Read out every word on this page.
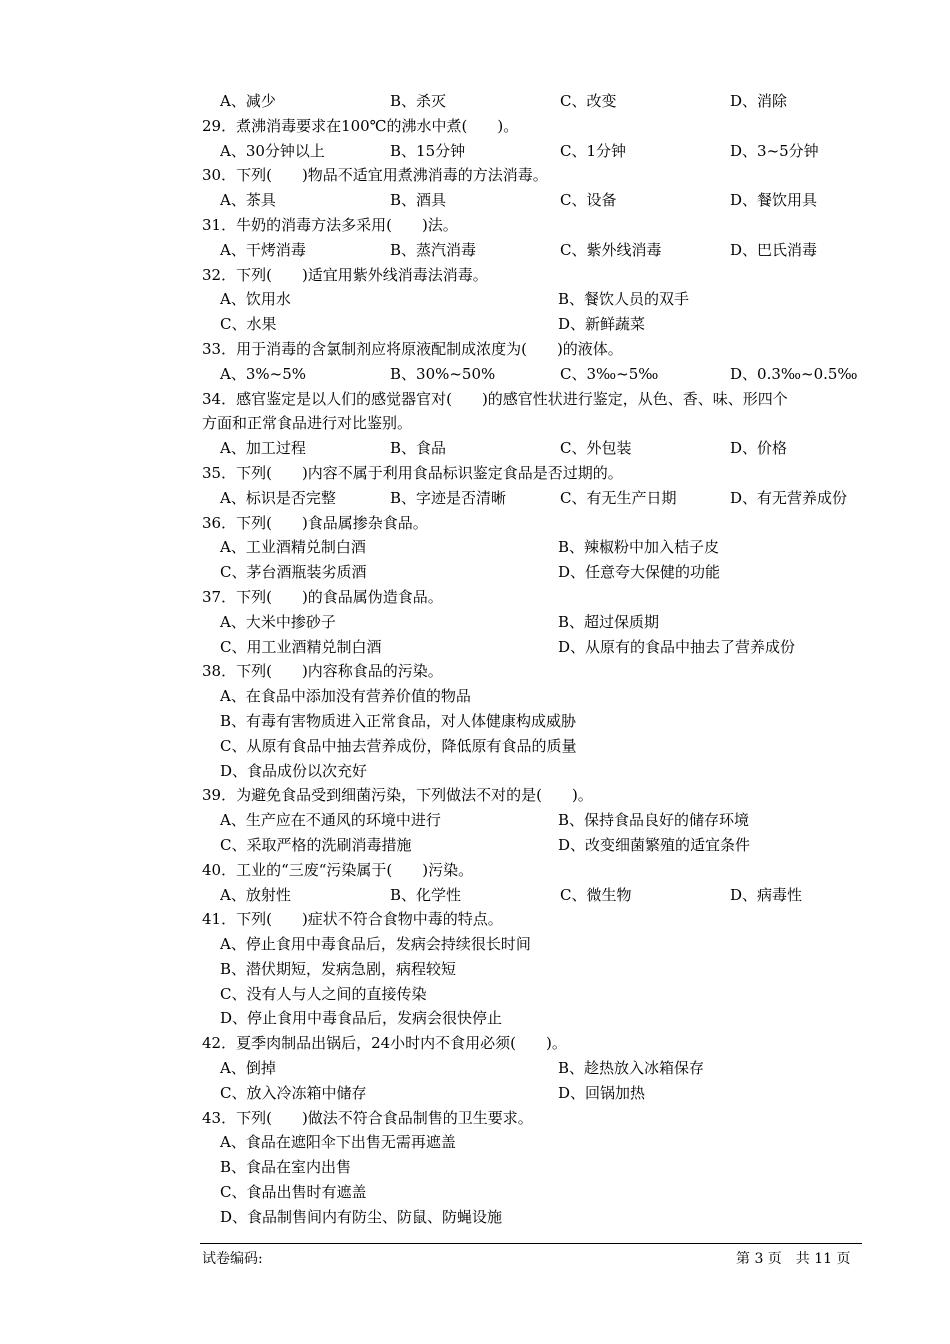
A、减少	B、杀灭	C、改变	D、消除
29．煮沸消毒要求在100℃的沸水中煮(　　)。
A、30分钟以上	B、15分钟	C、1分钟	D、3~5分钟
30．下列(　　)物品不适宜用煮沸消毒的方法消毒。
A、茶具	B、酒具	C、设备	D、餐饮用具
31．牛奶的消毒方法多采用(　　)法。
A、干烤消毒	B、蒸汽消毒	C、紫外线消毒	D、巴氏消毒
32．下列(　　)适宜用紫外线消毒法消毒。
A、饮用水	B、餐饮人员的双手
C、水果	D、新鲜蔬菜
33．用于消毒的含氯制剂应将原液配制成浓度为(　　)的液体。
A、3%~5%	B、30%~50%	C、3‰~5‰	D、0.3‰~0.5‰
34．感官鉴定是以人们的感觉器官对(　　)的感官性状进行鉴定，从色、香、味、形四个
方面和正常食品进行对比鉴别。
A、加工过程	B、食品	C、外包装	D、价格
35．下列(　　)内容不属于利用食品标识鉴定食品是否过期的。
A、标识是否完整	B、字迹是否清晰	C、有无生产日期	D、有无营养成份
36．下列(　　)食品属掺杂食品。
A、工业酒精兑制白酒	B、辣椒粉中加入桔子皮
C、茅台酒瓶装劣质酒	D、任意夸大保健的功能
37．下列(　　)的食品属伪造食品。
A、大米中掺砂子	B、超过保质期
C、用工业酒精兑制白酒	D、从原有的食品中抽去了营养成份
38．下列(　　)内容称食品的污染。
A、在食品中添加没有营养价值的物品
B、有毒有害物质进入正常食品，对人体健康构成威胁
C、从原有食品中抽去营养成份，降低原有食品的质量
D、食品成份以次充好
39．为避免食品受到细菌污染，下列做法不对的是(　　)。
A、生产应在不通风的环境中进行	B、保持食品良好的储存环境
C、采取严格的洗刷消毒措施	D、改变细菌繁殖的适宜条件
40．工业的“三废“污染属于(　　)污染。
A、放射性	B、化学性	C、微生物	D、病毒性
41．下列(　　)症状不符合食物中毒的特点。
A、停止食用中毒食品后，发病会持续很长时间
B、潜伏期短，发病急剧，病程较短
C、没有人与人之间的直接传染
D、停止食用中毒食品后，发病会很快停止
42．夏季肉制品出锅后，24小时内不食用必须(　　)。
A、倒掉	B、趁热放入冰箱保存
C、放入冷冻箱中储存	D、回锅加热
43．下列(　　)做法不符合食品制售的卫生要求。
A、食品在遮阳伞下出售无需再遮盖
B、食品在室内出售
C、食品出售时有遮盖
D、食品制售间内有防尘、防鼠、防蝇设施
试卷编码:	第 3 页　共 11 页
